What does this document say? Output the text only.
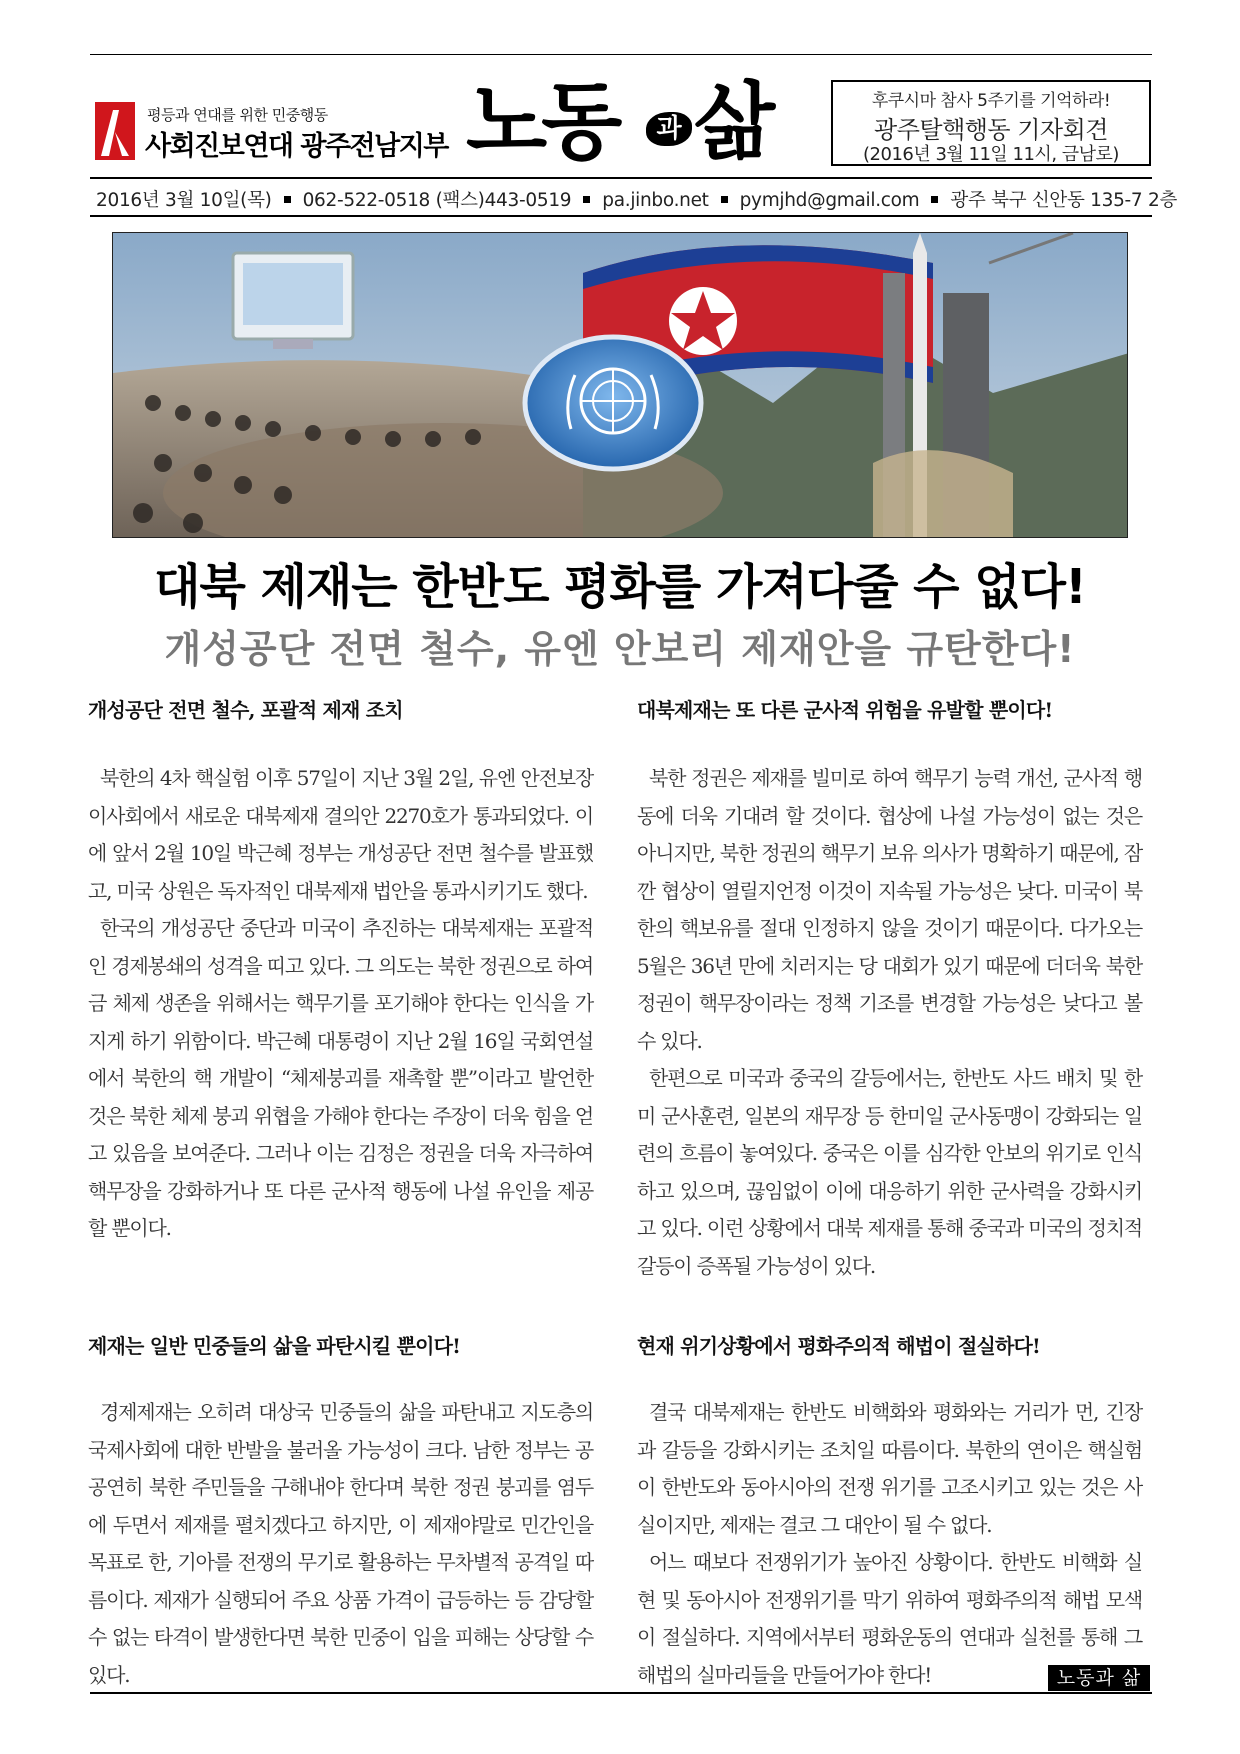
평등과 연대를 위한 민중행동
사회진보연대 광주전남지부 노동	과 삶	후쿠시마 참사 5주기를 기억하라!
광주탈핵행동 기자회견
(2016년 3월 11일 11시, 금남로)
2016년 3월 10일(목) 062-522-0518 (팩스)443-0519 pa.jinbo.net pymjhd@gmail.com 광주 북구 신안동 135-7 2층
대북 제재는 한반도 평화를 가져다줄 수 없다!
개성공단 전면 철수, 유엔 안보리 제재안을 규탄한다!
개성공단 전면 철수, 포괄적 제재 조치

북한의 4차 핵실험 이후 57일이 지난 3월 2일, 유엔 안전보장이사회에서 새로운 대북제재 결의안 2270호가 통과되었다. 이에 앞서 2월 10일 박근혜 정부는 개성공단 전면 철수를 발표했고, 미국 상원은 독자적인 대북제재 법안을 통과시키기도 했다.

한국의 개성공단 중단과 미국이 추진하는 대북제재는 포괄적인 경제봉쇄의 성격을 띠고 있다. 그 의도는 북한 정권으로 하여금 체제 생존을 위해서는 핵무기를 포기해야 한다는 인식을 가지게 하기 위함이다. 박근혜 대통령이 지난 2월 16일 국회연설에서 북한의 핵 개발이 “체제붕괴를 재촉할 뿐”이라고 발언한 것은 북한 체제 붕괴 위협을 가해야 한다는 주장이 더욱 힘을 얻고 있음을 보여준다. 그러나 이는 김정은 정권을 더욱 자극하여 핵무장을 강화하거나 또 다른 군사적 행동에 나설 유인을 제공할 뿐이다.

제재는 일반 민중들의 삶을 파탄시킬 뿐이다!

경제제재는 오히려 대상국 민중들의 삶을 파탄내고 지도층의 국제사회에 대한 반발을 불러올 가능성이 크다. 남한 정부는 공공연히 북한 주민들을 구해내야 한다며 북한 정권 붕괴를 염두에 두면서 제재를 펼치겠다고 하지만, 이 제재야말로 민간인을 목표로 한, 기아를 전쟁의 무기로 활용하는 무차별적 공격일 따름이다. 제재가 실행되어 주요 상품 가격이 급등하는 등 감당할 수 없는 타격이 발생한다면 북한 민중이 입을 피해는 상당할 수 있다.

대북제재는 또 다른 군사적 위험을 유발할 뿐이다!

북한 정권은 제재를 빌미로 하여 핵무기 능력 개선, 군사적 행동에 더욱 기대려 할 것이다. 협상에 나설 가능성이 없는 것은 아니지만, 북한 정권의 핵무기 보유 의사가 명확하기 때문에, 잠깐 협상이 열릴지언정 이것이 지속될 가능성은 낮다. 미국이 북한의 핵보유를 절대 인정하지 않을 것이기 때문이다. 다가오는 5월은 36년 만에 치러지는 당 대회가 있기 때문에 더더욱 북한 정권이 핵무장이라는 정책 기조를 변경할 가능성은 낮다고 볼 수 있다.

한편으로 미국과 중국의 갈등에서는, 한반도 사드 배치 및 한미 군사훈련, 일본의 재무장 등 한미일 군사동맹이 강화되는 일련의 흐름이 놓여있다. 중국은 이를 심각한 안보의 위기로 인식하고 있으며, 끊임없이 이에 대응하기 위한 군사력을 강화시키고 있다. 이런 상황에서 대북 제재를 통해 중국과 미국의 정치적 갈등이 증폭될 가능성이 있다.

현재 위기상황에서 평화주의적 해법이 절실하다!

결국 대북제재는 한반도 비핵화와 평화와는 거리가 먼, 긴장과 갈등을 강화시키는 조치일 따름이다. 북한의 연이은 핵실험이 한반도와 동아시아의 전쟁 위기를 고조시키고 있는 것은 사실이지만, 제재는 결코 그 대안이 될 수 없다.

어느 때보다 전쟁위기가 높아진 상황이다. 한반도 비핵화 실현 및 동아시아 전쟁위기를 막기 위하여 평화주의적 해법 모색이 절실하다. 지역에서부터 평화운동의 연대과 실천를 통해 그 해법의 실마리들을 만들어가야 한다!	노동과 삶
